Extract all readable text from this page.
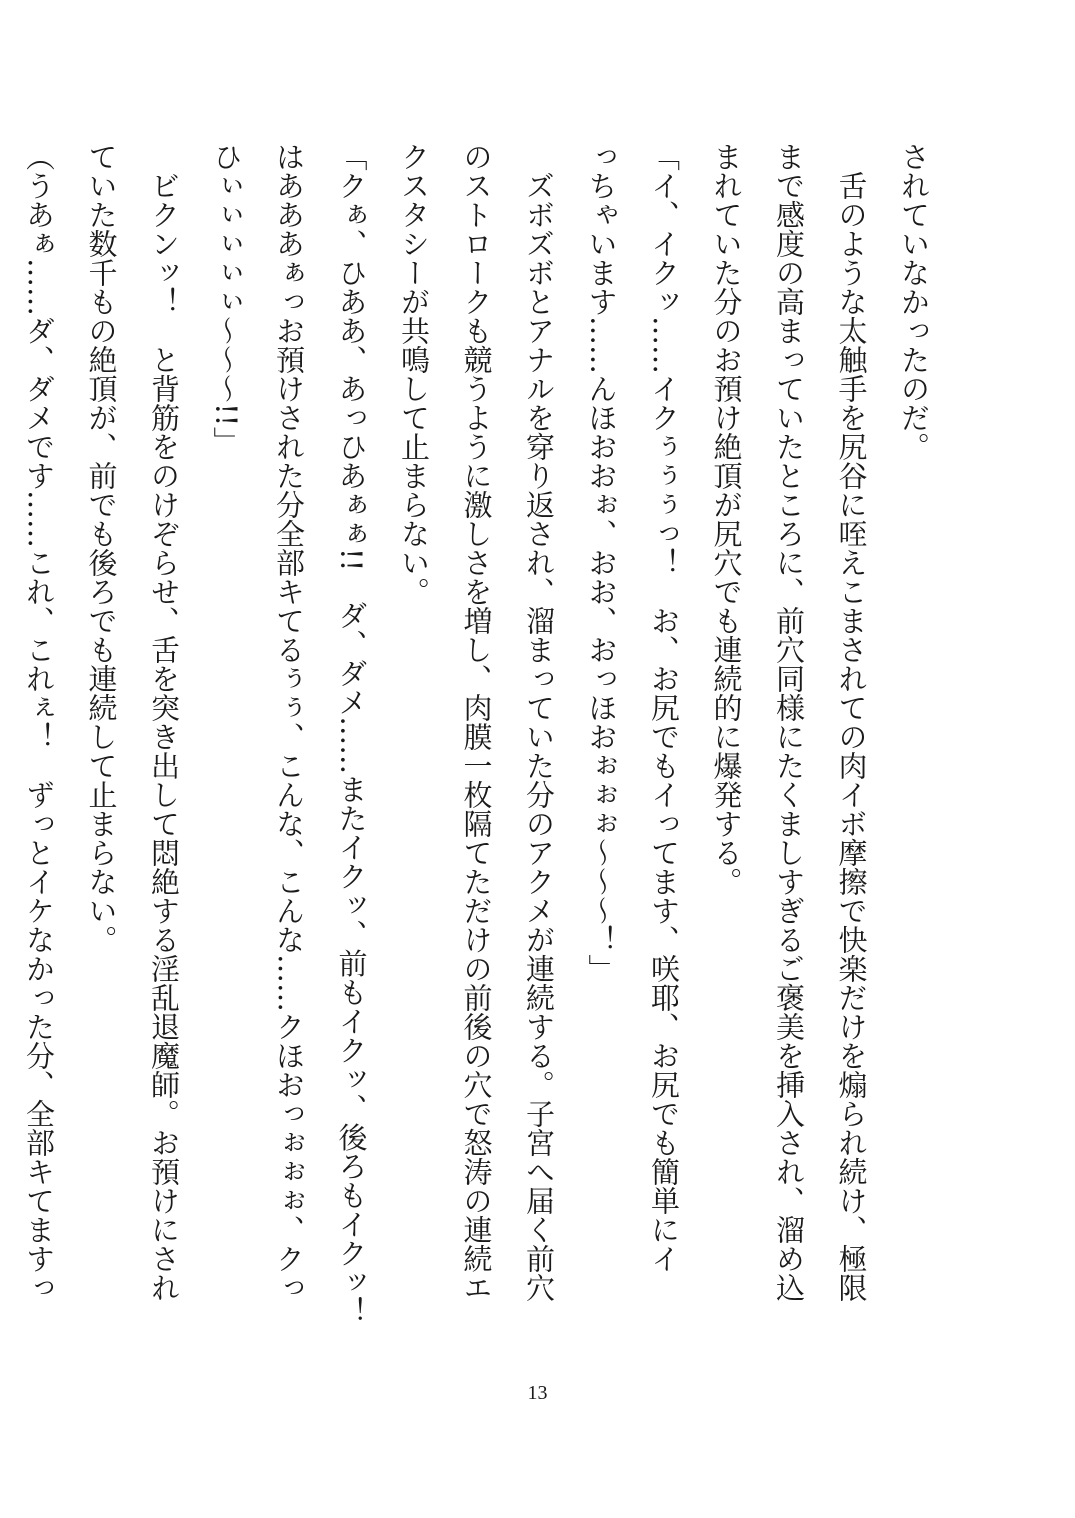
されていなかったのだ。

　舌のような太触手を尻谷に咥えこまされての肉イボ摩擦で快楽だけを煽られ続け、極限

まで感度の高まっていたところに、前穴同様にたくましすぎるご褒美を挿入され、溜め込

まれていた分のお預け絶頂が尻穴でも連続的に爆発する。

「イ、イクッ……イクぅぅぅっ！　お、お尻でもイってます、咲耶、お尻でも簡単にイ

っちゃいます……んほおおぉ、おお、おっほおぉぉぉ～～～！」

　ズボズボとアナルを穿り返され、溜まっていた分のアクメが連続する。子宮へ届く前穴

のストロークも競うように激しさを増し、肉膜一枚隔てただけの前後の穴で怒涛の連続エ

クスタシーが共鳴して止まらない。

「クぁ、ひああ、あっひあぁぁ!!　ダ、ダメ……またイクッ、前もイクッ、後ろもイクッ！

はあああぁっお預けされた分全部キてるぅぅ、こんな、こんな……クほおっぉぉぉ、クっ

ひぃぃぃぃぃ～～～!!」

　ビクンッ！　と背筋をのけぞらせ、舌を突き出して悶絶する淫乱退魔師。お預けにされ

ていた数千もの絶頂が、前でも後ろでも連続して止まらない。

（うあぁ……ダ、ダメです……これ、これぇ！　ずっとイケなかった分、全部キてますっ

13
